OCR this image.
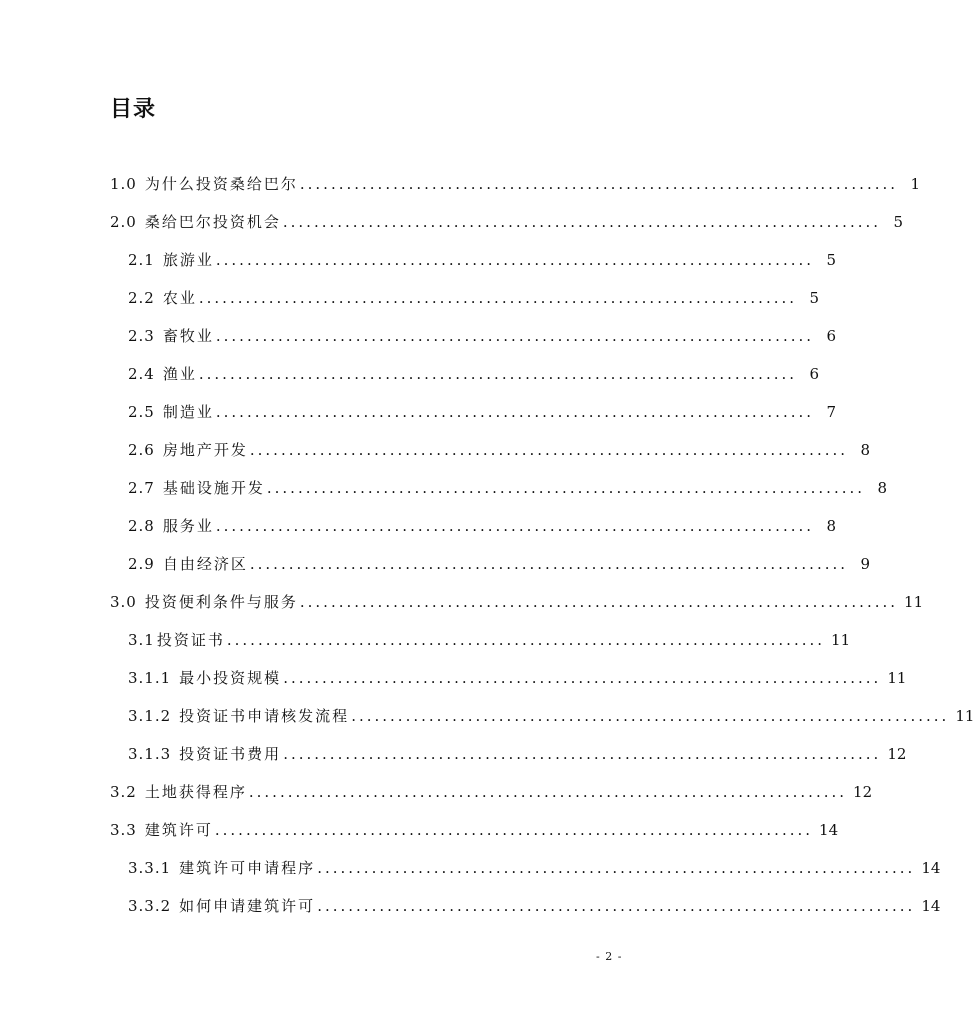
目录
1.0 为什么投资桑给巴尔 ............................................................................. 1
2.0 桑给巴尔投资机会 ............................................................................. 5
2.1 旅游业 ............................................................................. 5
2.2 农业 ............................................................................. 5
2.3 畜牧业 ............................................................................. 6
2.4 渔业 ............................................................................. 6
2.5 制造业 ............................................................................. 7
2.6 房地产开发 ............................................................................. 8
2.7 基础设施开发 ............................................................................. 8
2.8 服务业 ............................................................................. 8
2.9 自由经济区 ............................................................................. 9
3.0 投资便利条件与服务 ............................................................................. 11
3.1 投资证书 ............................................................................. 11
3.1.1 最小投资规模 ............................................................................. 11
3.1.2 投资证书申请核发流程 ............................................................................. 11
3.1.3 投资证书费用 ............................................................................. 12
3.2 土地获得程序 ............................................................................. 12
3.3 建筑许可 ............................................................................. 14
3.3.1 建筑许可申请程序 ............................................................................. 14
3.3.2 如何申请建筑许可 ............................................................................. 14
- 2 -
